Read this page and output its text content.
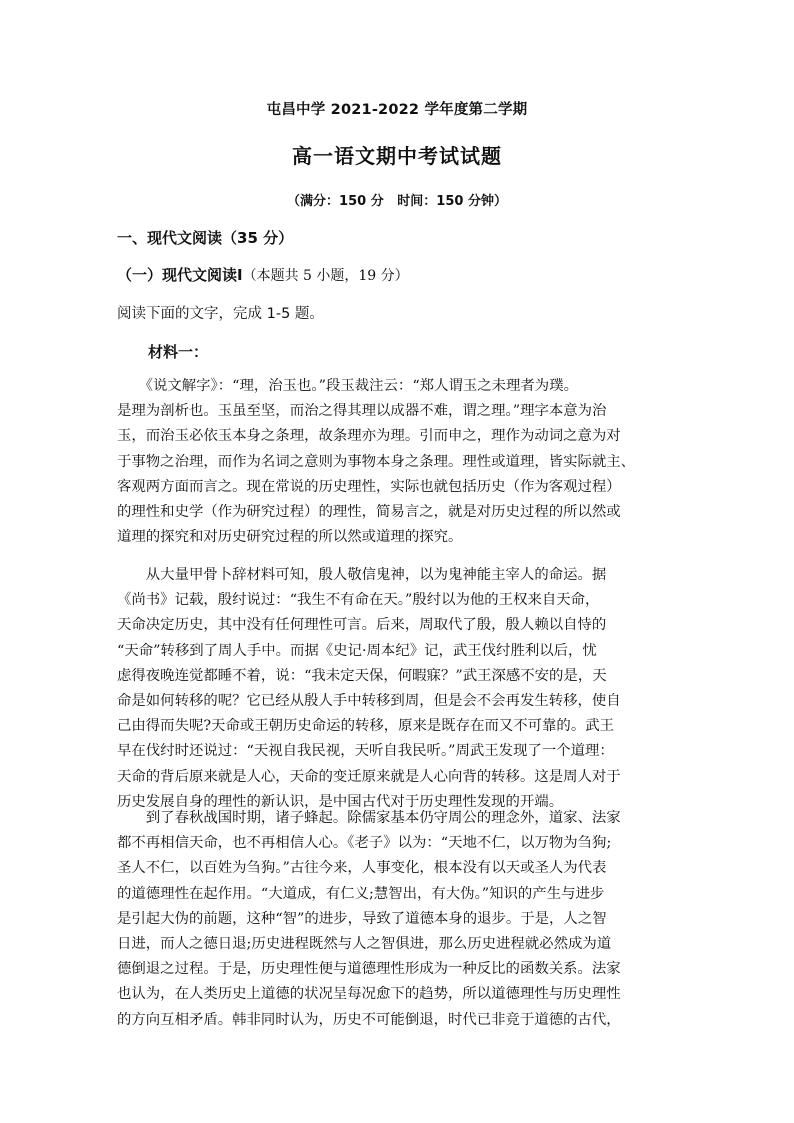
屯昌中学 2021-2022 学年度第二学期
高一语文期中考试试题
（满分：150 分   时间：150 分钟）
一、现代文阅读（35 分）
（一）现代文阅读Ⅰ（本题共 5 小题，19 分）
阅读下面的文字，完成 1-5 题。
材料一：
　　《说文解字》：“理，治玉也。”段玉裁注云：“郑人谓玉之未理者为璞。
是理为剖析也。玉虽至坚，而治之得其理以成器不难，谓之理。”理字本意为治
玉，而治玉必依玉本身之条理，故条理亦为理。引而申之，理作为动词之意为对
于事物之治理，而作为名词之意则为事物本身之条理。理性或道理，皆实际就主、
客观两方面而言之。现在常说的历史理性，实际也就包括历史（作为客观过程）
的理性和史学（作为研究过程）的理性，简易言之，就是对历史过程的所以然或
道理的探究和对历史研究过程的所以然或道理的探究。
　　从大量甲骨卜辞材料可知，殷人敬信鬼神，以为鬼神能主宰人的命运。据
《尚书》记载，殷纣说过：“我生不有命在天。”殷纣以为他的王权来自天命，
天命决定历史，其中没有任何理性可言。后来，周取代了殷，殷人赖以自恃的
“天命”转移到了周人手中。而据《史记·周本纪》记，武王伐纣胜利以后，忧
虑得夜晚连觉都睡不着，说：“我未定天保，何暇寐？”武王深感不安的是，天
命是如何转移的呢？它已经从殷人手中转移到周，但是会不会再发生转移，使自
己由得而失呢?天命或王朝历史命运的转移，原来是既存在而又不可靠的。武王
早在伐纣时还说过：“天视自我民视，天听自我民听。”周武王发现了一个道理：
天命的背后原来就是人心，天命的变迁原来就是人心向背的转移。这是周人对于
历史发展自身的理性的新认识，是中国古代对于历史理性发现的开端。
　　到了春秋战国时期，诸子蜂起。除儒家基本仍守周公的理念外，道家、法家
都不再相信天命，也不再相信人心。《老子》以为：“天地不仁，以万物为刍狗;
圣人不仁，以百姓为刍狗。”古往今来，人事变化，根本没有以天或圣人为代表
的道德理性在起作用。“大道成，有仁义;慧智出，有大伪。”知识的产生与进步
是引起大伪的前题，这种“智”的进步，导致了道德本身的退步。于是，人之智
日进，而人之德日退;历史进程既然与人之智俱进，那么历史进程就必然成为道
德倒退之过程。于是，历史理性便与道德理性形成为一种反比的函数关系。法家
也认为，在人类历史上道德的状况呈每况愈下的趋势，所以道德理性与历史理性
的方向互相矛盾。韩非同时认为，历史不可能倒退，时代已非竞于道德的古代，
